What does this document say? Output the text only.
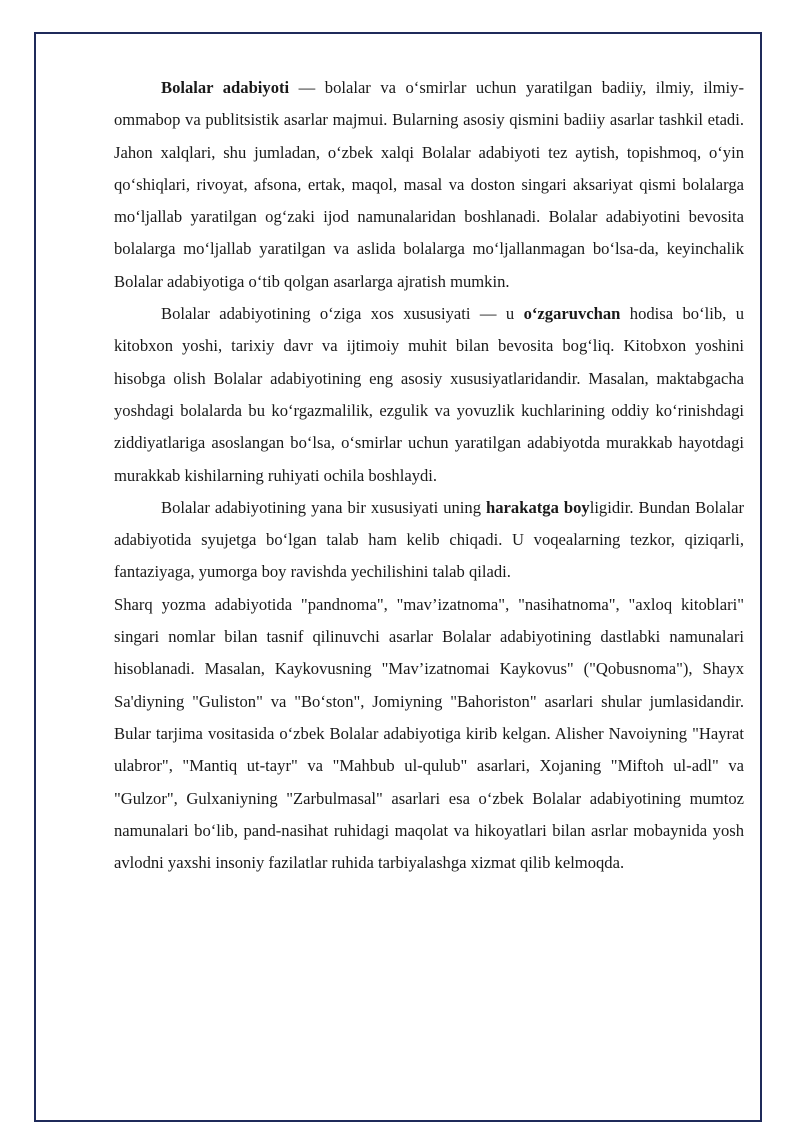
Bolalar adabiyoti — bolalar va o‘smirlar uchun yaratilgan badiiy, ilmiy, ilmiy-ommabop va publitsistik asarlar majmui. Bularning asosiy qismini badiiy asarlar tashkil etadi. Jahon xalqlari, shu jumladan, o‘zbek xalqi Bolalar adabiyoti tez aytish, topishmoq, o‘yin qo‘shiqlari, rivoyat, afsona, ertak, maqol, masal va doston singari aksariyat qismi bolalarga mo‘ljallab yaratilgan og‘zaki ijod namunalaridan boshlanadi. Bolalar adabiyotini bevosita bolalarga mo‘ljallab yaratilgan va aslida bolalarga mo‘ljallanmagan bo‘lsa-da, keyinchalik Bolalar adabiyotiga o‘tib qolgan asarlarga ajratish mumkin.

Bolalar adabiyotining o‘ziga xos xususiyati — u o‘zgaruvchan hodisa bo‘lib, u kitobxon yoshi, tarixiy davr va ijtimoiy muhit bilan bevosita bog‘liq. Kitobxon yoshini hisobga olish Bolalar adabiyotining eng asosiy xususiyatlaridandir. Masalan, maktabgacha yoshdagi bolalarda bu ko‘rgazmalilik, ezgulik va yovuzlik kuchlarining oddiy ko‘rinishdagi ziddiyatlariga asoslangan bo‘lsa, o‘smirlar uchun yaratilgan adabiyotda murakkab hayotdagi murakkab kishilarning ruhiyati ochila boshlaydi.

Bolalar adabiyotining yana bir xususiyati uning harakatga boyligidir. Bundan Bolalar adabiyotida syujetga bo‘lgan talab ham kelib chiqadi. U voqealarning tezkor, qiziqarli, fantaziyaga, yumorga boy ravishda yechilishini talab qiladi.

Sharq yozma adabiyotida "pandnoma", "mav’izatnoma", "nasihatnoma", "axloq kitoblari" singari nomlar bilan tasnif qilinuvchi asarlar Bolalar adabiyotining dastlabki namunalari hisoblanadi. Masalan, Kaykovusning "Mav’izatnomai Kaykovus" ("Qobusnoma"), Shayx Sa'diyning "Guliston" va "Bo‘ston", Jomiyning "Bahoriston" asarlari shular jumlasidandir. Bular tarjima vositasida o‘zbek Bolalar adabiyotiga kirib kelgan. Alisher Navoiyning "Hayrat ulabror", "Mantiq ut-tayr" va "Mahbub ul-qulub" asarlari, Xojaning "Miftoh ul-adl" va "Gulzor", Gulxaniyning "Zarbulmasal" asarlari esa o‘zbek Bolalar adabiyotining mumtoz namunalari bo‘lib, pand-nasihat ruhidagi maqolat va hikoyatlari bilan asrlar mobaynida yosh avlodni yaxshi insoniy fazilatlar ruhida tarbiyalashga xizmat qilib kelmoqda.
